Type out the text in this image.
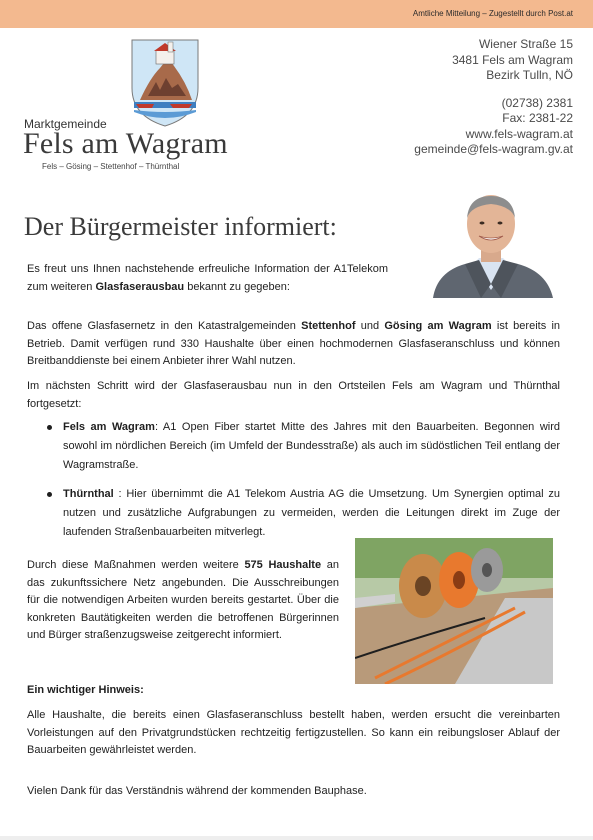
Amtliche Mitteilung – Zugestellt durch Post.at
Marktgemeinde
Fels am Wagram
Fels – Gösing – Stettenhof – Thürnthal
Wiener Straße 15
3481 Fels am Wagram
Bezirk Tulln, NÖ
(02738) 2381
Fax: 2381-22
www.fels-wagram.at
gemeinde@fels-wagram.gv.at
Der Bürgermeister informiert:

Es freut uns Ihnen nachstehende erfreuliche Information der A1Telekom zum weiteren Glasfaserausbau bekannt zu gegeben:

Das offene Glasfasernetz in den Katastralgemeinden Stettenhof und Gösing am Wagram ist bereits in Betrieb. Damit verfügen rund 330 Haushalte über einen hochmodernen Glasfaseranschluss und können Breitbanddienste bei einem Anbieter ihrer Wahl nutzen.

Im nächsten Schritt wird der Glasfaserausbau nun in den Ortsteilen Fels am Wagram und Thürnthal fortgesetzt:

Fels am Wagram: A1 Open Fiber startet Mitte des Jahres mit den Bauarbeiten. Begonnen wird sowohl im nördlichen Bereich (im Umfeld der Bundesstraße) als auch im südöstlichen Teil entlang der Wagramstraße.
Thürnthal : Hier übernimmt die A1 Telekom Austria AG die Umsetzung. Um Synergien optimal zu nutzen und zusätzliche Aufgrabungen zu vermeiden, werden die Leitungen direkt im Zuge der laufenden Straßenbauarbeiten mitverlegt.

Durch diese Maßnahmen werden weitere 575 Haushalte an das zukunftssichere Netz angebunden. Die Ausschreibungen für die notwendigen Arbeiten wurden bereits gestartet. Über die konkreten Bautätigkeiten werden die betroffenen Bürgerinnen und Bürger straßenzugsweise zeitgerecht informiert.

Ein wichtiger Hinweis:

Alle Haushalte, die bereits einen Glasfaseranschluss bestellt haben, werden ersucht die vereinbarten Vorleistungen auf den Privatgrundstücken rechtzeitig fertigzustellen. So kann ein reibungsloser Ablauf der Bauarbeiten gewährleistet werden.

Vielen Dank für das Verständnis während der kommenden Bauphase.
